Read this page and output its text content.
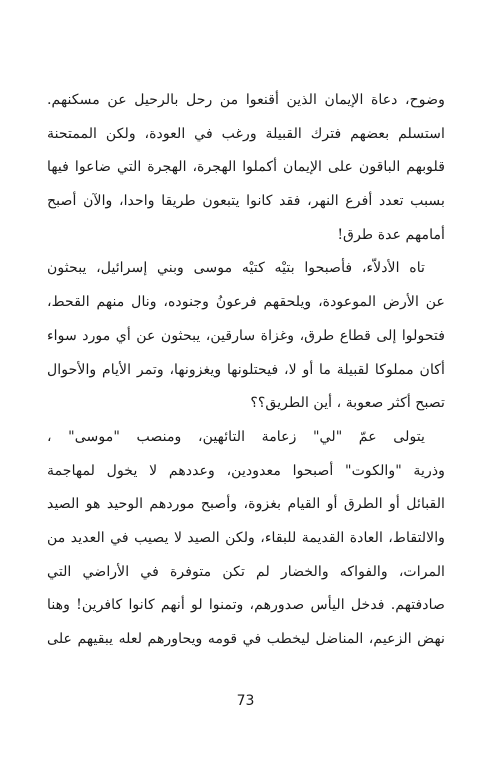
وضوح، دعاة الإيمان الذين أقنعوا من رحل بالرحيل عن مسكنهم.
استسلم بعضهم فترك القبيلة ورغب في العودة، ولكن الممتحنة
قلوبهم الباقون على الإيمان أكملوا الهجرة، الهجرة التي ضاعوا فيها
بسبب تعدد أفرع النهر، فقد كانوا يتبعون طريقا واحدا، والآن أصبح
أمامهم عدة طرق!
تاه الأدلاّء، فأصبحوا بتيْه كتيْه موسى وبني إسرائيل، يبحثون
عن الأرض الموعودة، ويلحقهم فرعونُ وجنوده، ونال منهم القحط،
فتحولوا إلى قطاع طرق، وغزاة سارقين، يبحثون عن أي مورد سواء
أكان مملوكا لقبيلة ما أو لا، فيحتلونها ويغزونها، وتمر الأيام والأحوال
تصبح أكثر صعوبة ، أين الطريق؟؟
يتولى عمّ "لي" زعامة التائهين، ومنصب "موسى" ،
وذرية "والكوت" أصبحوا معدودين، وعددهم لا يخول لمهاجمة
القبائل أو الطرق أو القيام بغزوة، وأصبح موردهم الوحيد هو الصيد
والالتقاط، العادة القديمة للبقاء، ولكن الصيد لا يصيب في العديد من
المرات، والفواكه والخضار لم تكن متوفرة في الأراضي التي
صادفتهم. فدخل اليأس صدورهم، وتمنوا لو أنهم كانوا كافرين! وهنا
نهض الزعيم، المناضل ليخطب في قومه ويحاورهم لعله يبقيهم على
73
